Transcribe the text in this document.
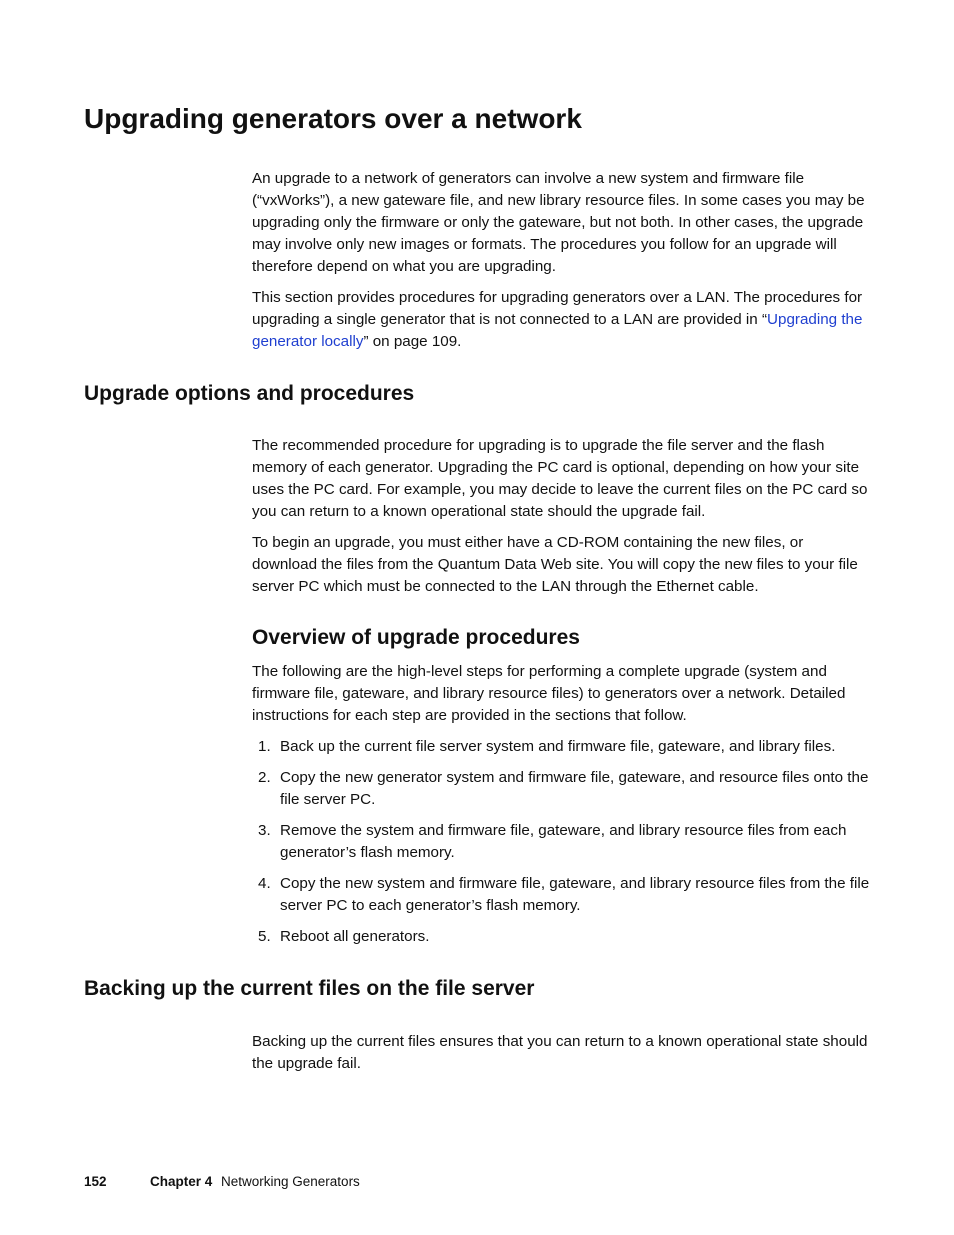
Upgrading generators over a network

An upgrade to a network of generators can involve a new system and firmware file (“vxWorks”), a new gateware file, and new library resource files. In some cases you may be upgrading only the firmware or only the gateware, but not both. In other cases, the upgrade may involve only new images or formats. The procedures you follow for an upgrade will therefore depend on what you are upgrading.

This section provides procedures for upgrading generators over a LAN. The procedures for upgrading a single generator that is not connected to a LAN are provided in “Upgrading the generator locally” on page 109.

Upgrade options and procedures

The recommended procedure for upgrading is to upgrade the file server and the flash memory of each generator. Upgrading the PC card is optional, depending on how your site uses the PC card. For example, you may decide to leave the current files on the PC card so you can return to a known operational state should the upgrade fail.

To begin an upgrade, you must either have a CD-ROM containing the new files, or download the files from the Quantum Data Web site. You will copy the new files to your file server PC which must be connected to the LAN through the Ethernet cable.

Overview of upgrade procedures

The following are the high-level steps for performing a complete upgrade (system and firmware file, gateware, and library resource files) to generators over a network. Detailed instructions for each step are provided in the sections that follow.

1. Back up the current file server system and firmware file, gateware, and library files.
2. Copy the new generator system and firmware file, gateware, and resource files onto the file server PC.
3. Remove the system and firmware file, gateware, and library resource files from each generator’s flash memory.
4. Copy the new system and firmware file, gateware, and library resource files from the file server PC to each generator’s flash memory.
5. Reboot all generators.
Backing up the current files on the file server

Backing up the current files ensures that you can return to a known operational state should the upgrade fail.

152	Chapter 4 Networking Generators
